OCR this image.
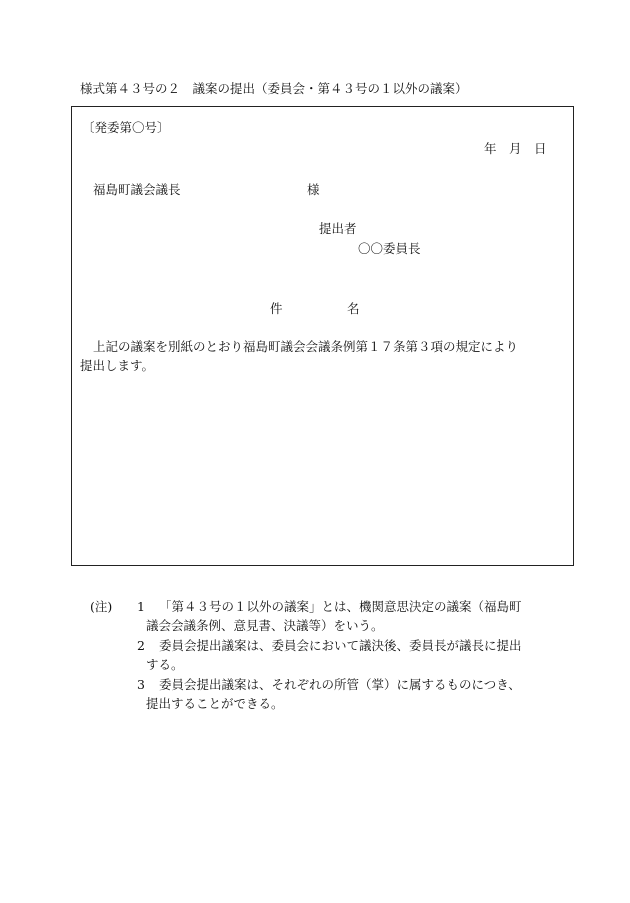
様式第４３号の２　議案の提出（委員会・第４３号の１以外の議案）
〔発委第〇号〕
年　月　日
福島町議会議長	様
提出者
〇〇委員長
件	名
上記の議案を別紙のとおり福島町議会会議条例第１７条第３項の規定により
提出します。
(注) 1 「第４３号の１以外の議案」とは、機関意思決定の議案（福島町
議会会議条例、意見書、決議等）をいう。
2 委員会提出議案は、委員会において議決後、委員長が議長に提出
する。
3 委員会提出議案は、それぞれの所管（掌）に属するものにつき、
提出することができる。
